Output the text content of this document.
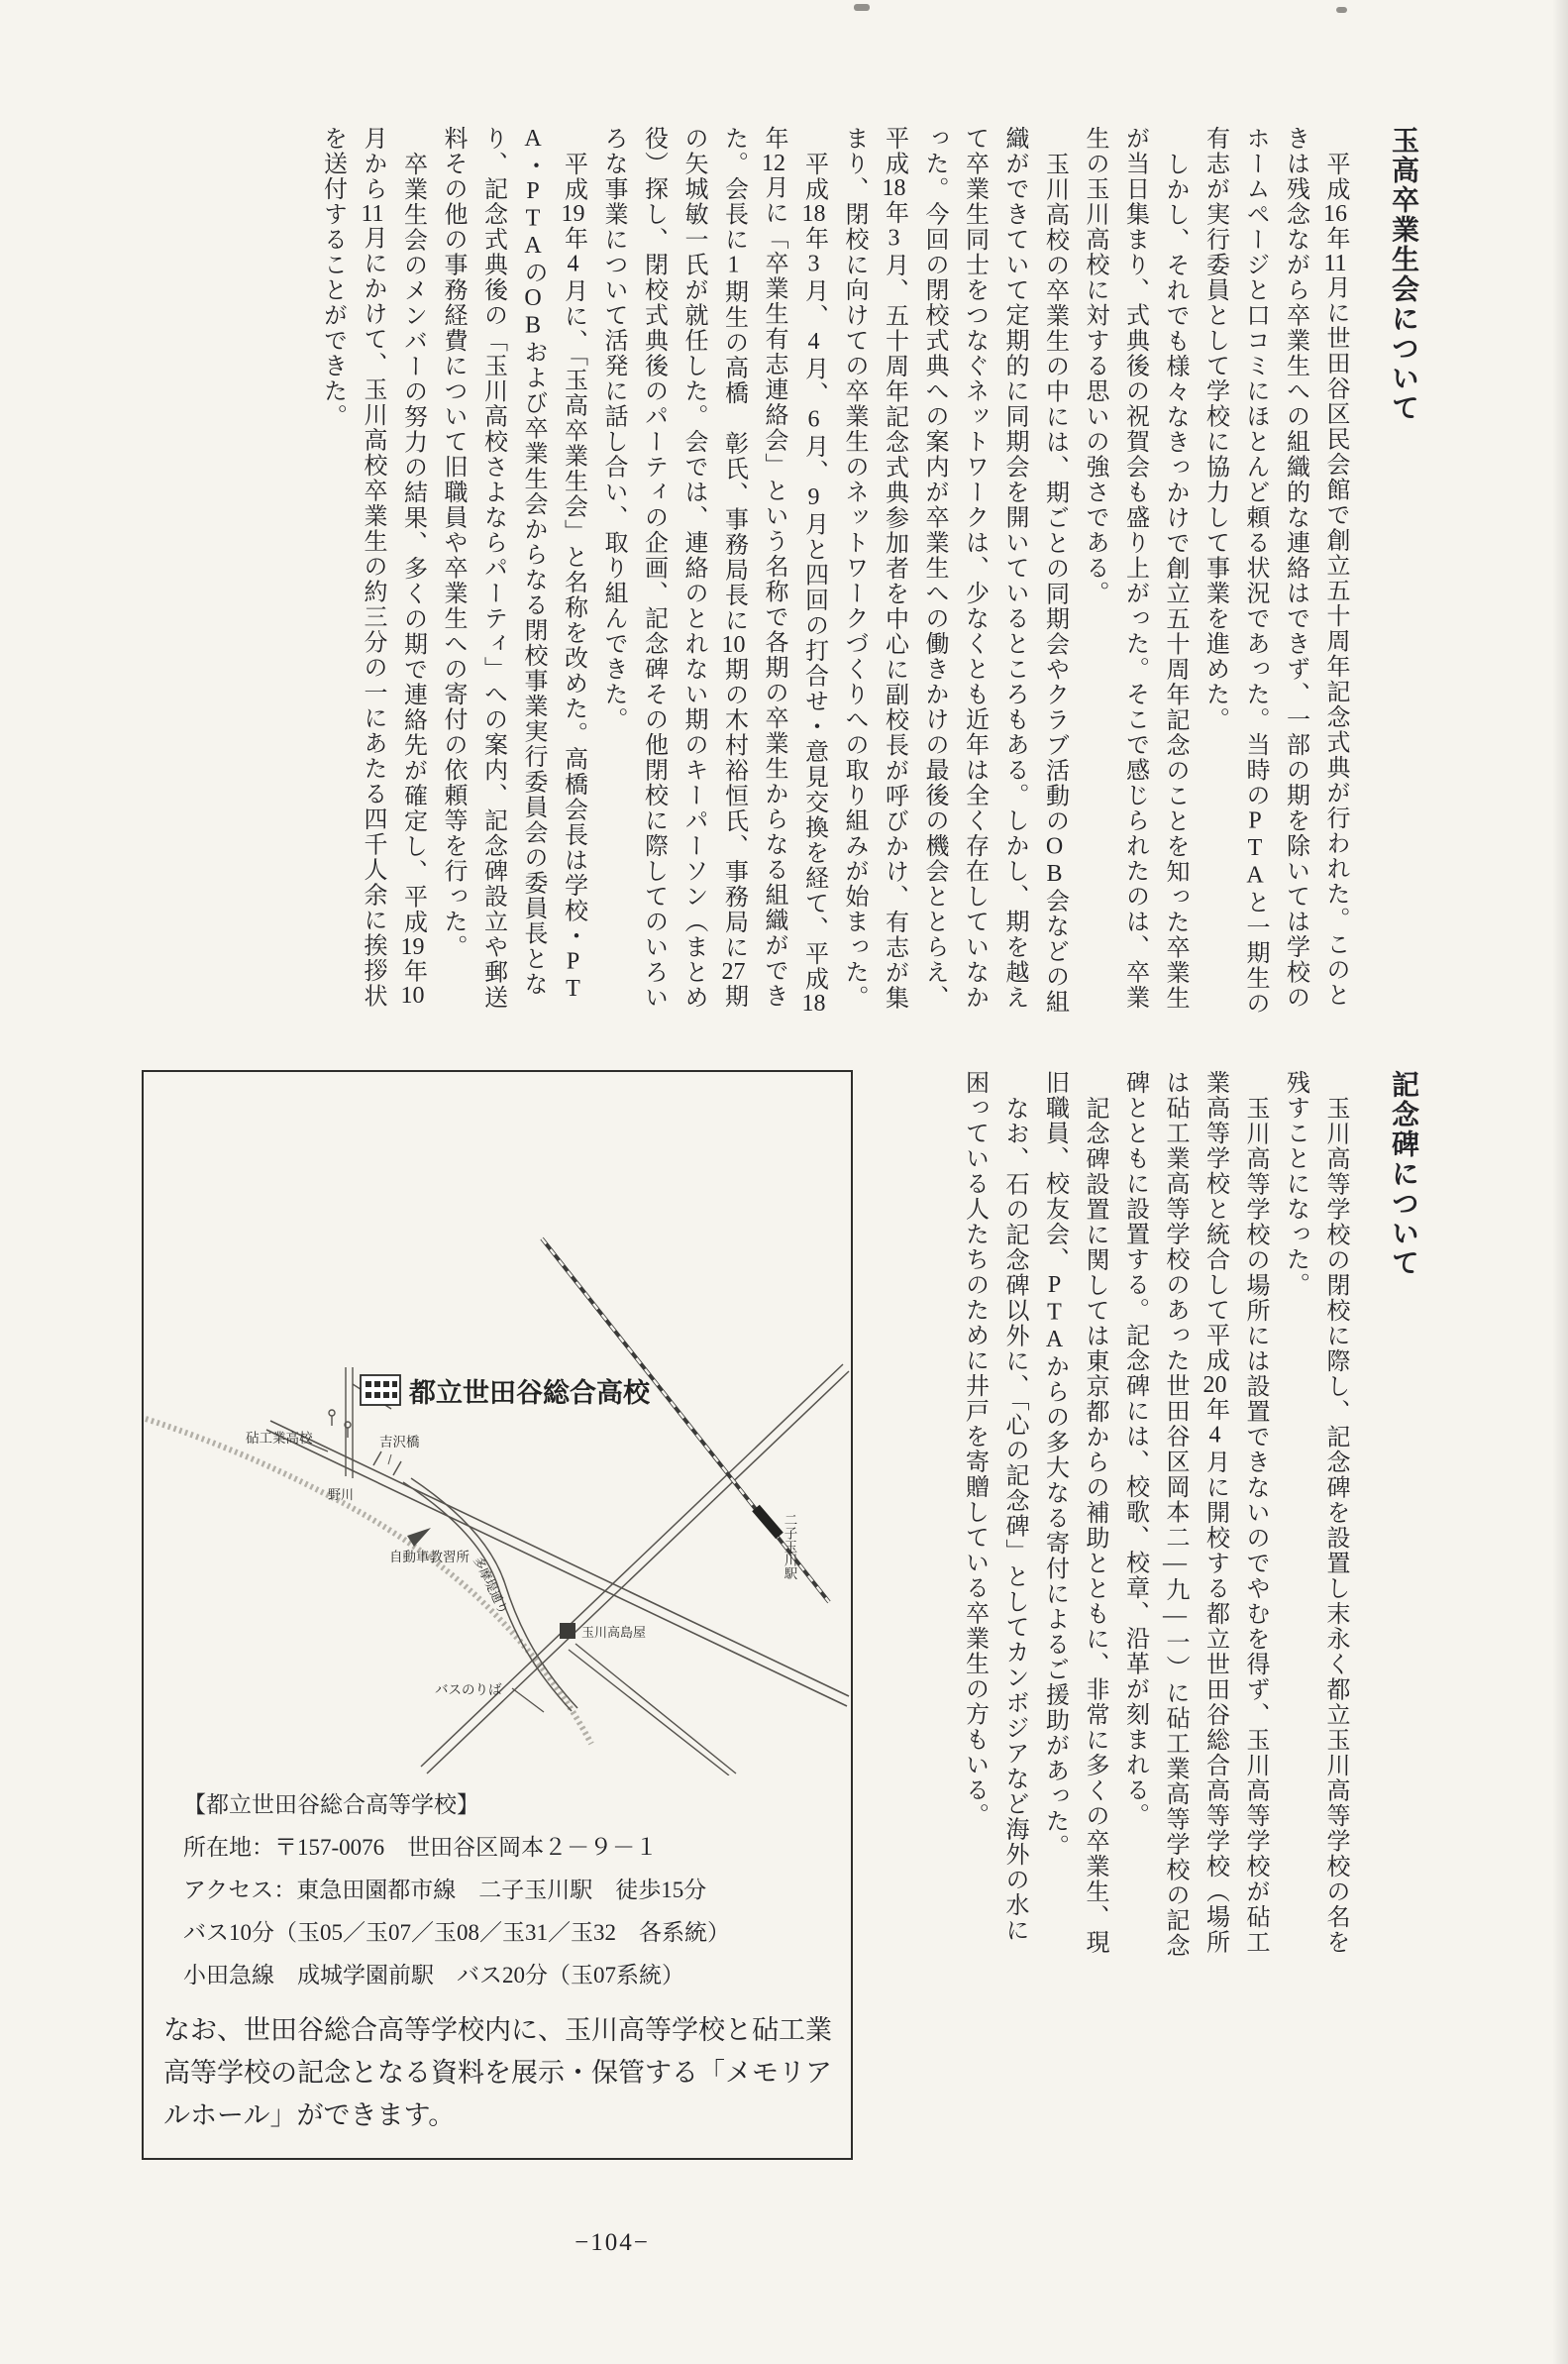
玉高卒業生会について
平成16年11月に世田谷区民会館で創立五十周年記念式典が行われた。このと
きは残念ながら卒業生への組織的な連絡はできず、一部の期を除いては学校の
ホームページと口コミにほとんど頼る状況であった。当時のPTAと一期生の
有志が実行委員として学校に協力して事業を進めた。
しかし、それでも様々なきっかけで創立五十周年記念のことを知った卒業生
が当日集まり、式典後の祝賀会も盛り上がった。そこで感じられたのは、卒業
生の玉川高校に対する思いの強さである。
玉川高校の卒業生の中には、期ごとの同期会やクラブ活動のOB会などの組
織ができていて定期的に同期会を開いているところもある。しかし、期を越え
て卒業生同士をつなぐネットワークは、少なくとも近年は全く存在していなか
った。今回の閉校式典への案内が卒業生への働きかけの最後の機会ととらえ、
平成18年3月、五十周年記念式典参加者を中心に副校長が呼びかけ、有志が集
まり、閉校に向けての卒業生のネットワークづくりへの取り組みが始まった。
平成18年3月、4月、6月、9月と四回の打合せ・意見交換を経て、平成18
年12月に「卒業生有志連絡会」という名称で各期の卒業生からなる組織ができ
た。会長に1期生の高橋　彰氏、事務局長に10期の木村裕恒氏、事務局に27期
の矢城敏一氏が就任した。会では、連絡のとれない期のキーパーソン（まとめ
役）探し、閉校式典後のパーティの企画、記念碑その他閉校に際してのいろい
ろな事業について活発に話し合い、取り組んできた。
平成19年4月に、「玉高卒業生会」と名称を改めた。高橋会長は学校・PT
A・PTAのOBおよび卒業生会からなる閉校事業実行委員会の委員長とな
り、記念式典後の「玉川高校さよならパーティ」への案内、記念碑設立や郵送
料その他の事務経費について旧職員や卒業生への寄付の依頼等を行った。
卒業生会のメンバーの努力の結果、多くの期で連絡先が確定し、平成19年10
月から11月にかけて、玉川高校卒業生の約三分の一にあたる四千人余に挨拶状
を送付することができた。
記念碑について
玉川高等学校の閉校に際し、記念碑を設置し末永く都立玉川高等学校の名を
残すことになった。
玉川高等学校の場所には設置できないのでやむを得ず、玉川高等学校が砧工
業高等学校と統合して平成20年4月に開校する都立世田谷総合高等学校（場所
は砧工業高等学校のあった世田谷区岡本二―九―一）に砧工業高等学校の記念
碑とともに設置する。記念碑には、校歌、校章、沿革が刻まれる。
記念碑設置に関しては東京都からの補助とともに、非常に多くの卒業生、現
旧職員、校友会、PTAからの多大なる寄付によるご援助があった。
なお、石の記念碑以外に、「心の記念碑」としてカンボジアなど海外の水に
困っている人たちのために井戸を寄贈している卒業生の方もいる。
都立世田谷総合高校
砧工業高校	吉沢橋
野川
自動車教習所 多摩堤通り
玉川高島屋
二子玉川駅
バスのりば
【都立世田谷総合高等学校】
所在地：〒157-0076　世田谷区岡本２－９－１
アクセス：東急田園都市線　二子玉川駅　徒歩15分
バス10分（玉05／玉07／玉08／玉31／玉32　各系統）
小田急線　成城学園前駅　バス20分（玉07系統）
なお、世田谷総合高等学校内に、玉川高等学校と砧工業
高等学校の記念となる資料を展示・保管する「メモリア
ルホール」ができます。
−104−
